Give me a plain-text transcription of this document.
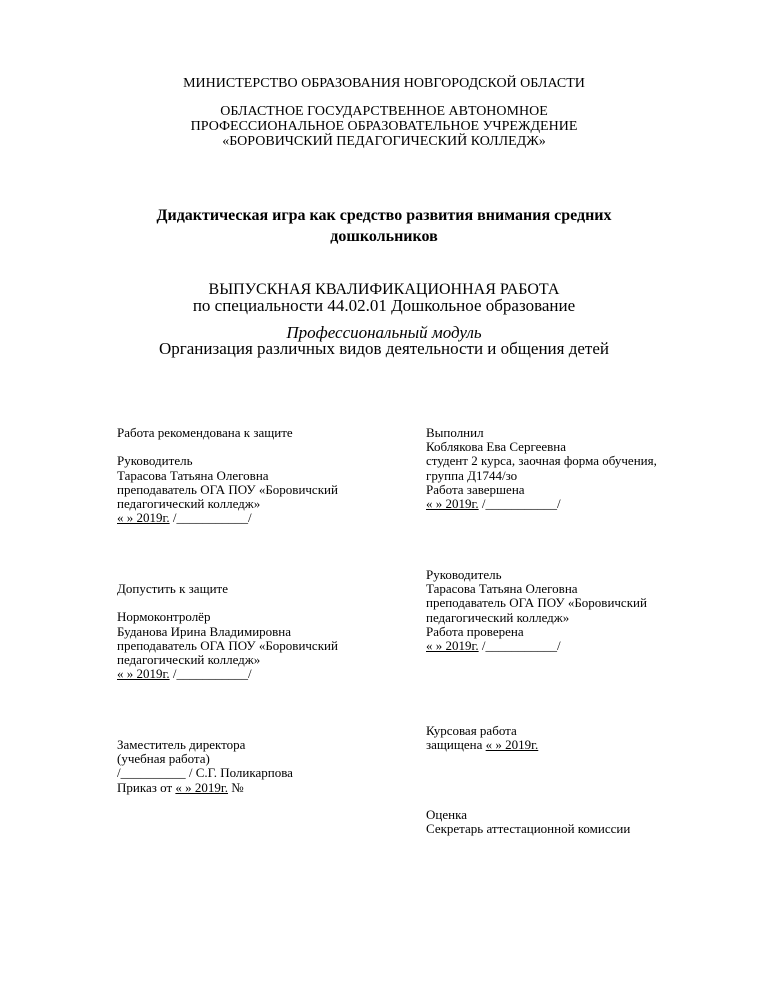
МИНИСТЕРСТВО ОБРАЗОВАНИЯ НОВГОРОДСКОЙ ОБЛАСТИ
ОБЛАСТНОЕ ГОСУДАРСТВЕННОЕ АВТОНОМНОЕ
ПРОФЕССИОНАЛЬНОЕ ОБРАЗОВАТЕЛЬНОЕ УЧРЕЖДЕНИЕ
«БОРОВИЧСКИЙ ПЕДАГОГИЧЕСКИЙ КОЛЛЕДЖ»
Дидактическая игра как средство развития внимания средних
дошкольников
ВЫПУСКНАЯ КВАЛИФИКАЦИОННАЯ РАБОТА
по специальности 44.02.01 Дошкольное образование
Профессиональный модуль
Организация различных видов деятельности и общения детей
Работа рекомендована к защите

Руководитель
Тарасова Татьяна Олеговна
преподаватель ОГА ПОУ «Боровичский
педагогический колледж»
« » 2019г. /___________/
Выполнил
Коблякова Ева Сергеевна
студент 2 курса, заочная форма обучения,
группа Д1744/зо
Работа завершена
« » 2019г. /___________/
Допустить к защите

Нормоконтролёр
Буданова Ирина Владимировна
преподаватель ОГА ПОУ «Боровичский
педагогический колледж»
« » 2019г. /___________/
Руководитель
Тарасова Татьяна Олеговна
преподаватель ОГА ПОУ «Боровичский
педагогический колледж»
Работа проверена
« » 2019г. /___________/
Заместитель директора
(учебная работа)
/__________ / С.Г. Поликарпова
Приказ от « » 2019г. №
Курсовая работа
защищена « » 2019г.
Оценка
Секретарь аттестационной комиссии
